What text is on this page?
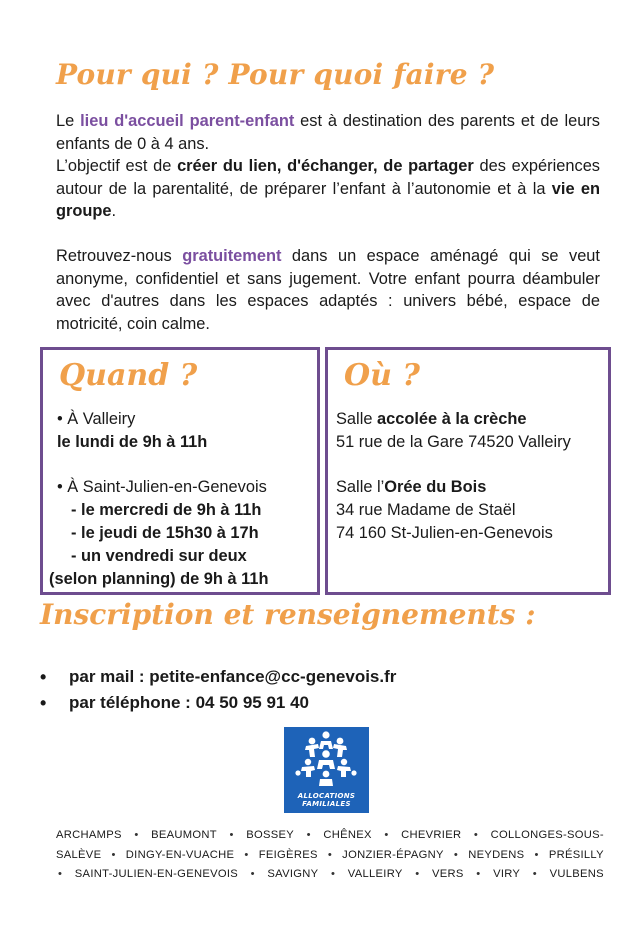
Pour qui ? Pour quoi faire ?

Le lieu d'accueil parent-enfant est à destination des parents et de leurs enfants de 0 à 4 ans.

L’objectif est de créer du lien, d'échanger, de partager des expériences autour de la parentalité, de préparer l’enfant à l’autonomie et à la vie en groupe.

Retrouvez-nous gratuitement dans un espace aménagé qui se veut anonyme, confidentiel et sans jugement. Votre enfant pourra déambuler avec d'autres dans les espaces adaptés : univers bébé, espace de motricité, coin calme.

Quand ?
• À Valleiry
le lundi de 9h à 11h
• À Saint-Julien-en-Genevois
- le mercredi de 9h à 11h
- le jeudi de 15h30 à 17h
- un vendredi sur deux
(selon planning) de 9h à 11h
Où ?
Salle accolée à la crèche
51 rue de la Gare 74520 Valleiry
Salle l’Orée du Bois
34 rue Madame de Staël
74 160 St-Julien-en-Genevois
Inscription et renseignements :
•	par mail : petite-enfance@cc-genevois.fr
•	par téléphone : 04 50 95 91 40
ALLOCATIONS
FAMILIALES
ARCHAMPS • BEAUMONT • BOSSEY • CHÊNEX • CHEVRIER • COLLONGES-SOUS-
SALÈVE • DINGY-EN-VUACHE • FEIGÈRES • JONZIER-ÉPAGNY • NEYDENS • PRÉSILLY
• SAINT-JULIEN-EN-GENEVOIS • SAVIGNY • VALLEIRY • VERS • VIRY • VULBENS
